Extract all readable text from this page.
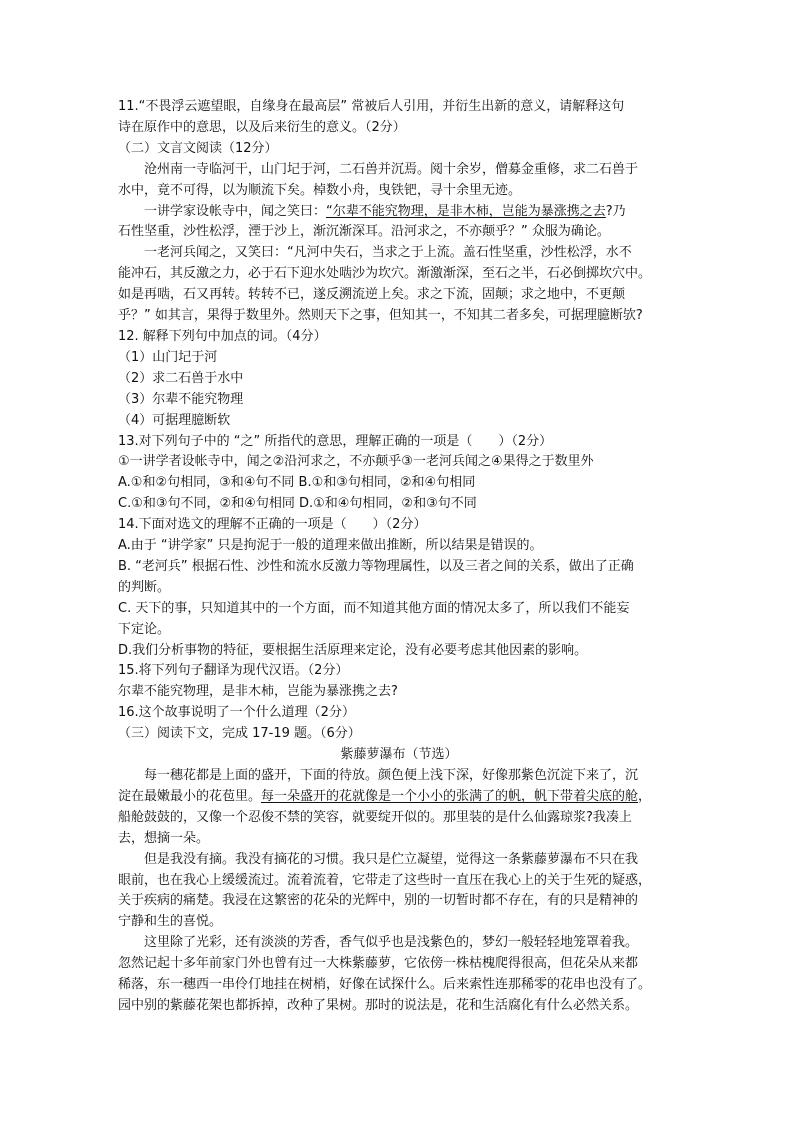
11.“不畏浮云遮望眼，自缘身在最高层” 常被后人引用，并衍生出新的意义，请解释这句
诗在原作中的意思，以及后来衍生的意义。（2分）
（二）文言文阅读（12分）
沧州南一寺临河干，山门圮于河，二石兽并沉焉。阅十余岁，僧募金重修，求二石兽于
水中，竟不可得，以为顺流下矣。棹数小舟，曳铁钯，寻十余里无迹。
一讲学家设帐寺中，闻之笑曰：“尔辈不能究物理，是非木柿，岂能为暴涨携之去?乃
石性坚重，沙性松浮，湮于沙上，渐沉渐深耳。沿河求之，不亦颠乎？” 众服为确论。
一老河兵闻之，又笑曰：“凡河中失石，当求之于上流。盖石性坚重，沙性松浮，水不
能冲石，其反激之力，必于石下迎水处啮沙为坎穴。渐激渐深，至石之半，石必倒掷坎穴中。
如是再啮，石又再转。转转不已，遂反溯流逆上矣。求之下流，固颠；求之地中，不更颠
乎？” 如其言，果得于数里外。然则天下之事，但知其一，不知其二者多矣，可据理臆断欤?
12. 解释下列句中加点的词。（4分）
（1）山门圮于河
（2）求二石兽于水中
（3）尔辈不能究物理
（4）可据理臆断软
13.对下列句子中的 “之” 所指代的意思，理解正确的一项是（　　）（2分）
①一讲学者设帐寺中，闻之②沿河求之，不亦颠乎③一老河兵闻之④果得之于数里外
A.①和②句相同，③和④句不同 B.①和③句相同，②和④句相同
C.①和③句不同，②和④句相同 D.①和④句相同，②和③句不同
14.下面对选文的理解不正确的一项是（　　）（2分）
A.由于 “讲学家” 只是拘泥于一般的道理来做出推断，所以结果是错误的。
B. “老河兵” 根据石性、沙性和流水反激力等物理属性，以及三者之间的关系，做出了正确
的判断。
C. 天下的事，只知道其中的一个方面，而不知道其他方面的情况太多了，所以我们不能妄
下定论。
D.我们分析事物的特征，要根据生活原理来定论，没有必要考虑其他因素的影响。
15.将下列句子翻译为现代汉语。（2分）
尔辈不能究物理，是非木柿，岂能为暴涨携之去?
16.这个故事说明了一个什么道理（2分）
（三）阅读下文，完成 17-19 题。（6分）
紫藤萝瀑布（节选）
每一穗花都是上面的盛开，下面的待放。颜色便上浅下深，好像那紫色沉淀下来了，沉
淀在最嫩最小的花苞里。每一朵盛开的花就像是一个小小的张满了的帆，帆下带着尖底的舱，
船舱鼓鼓的，又像一个忍俊不禁的笑容，就要绽开似的。那里装的是什么仙露琼浆?我凑上
去，想摘一朵。
但是我没有摘。我没有摘花的习惯。我只是伫立凝望，觉得这一条紫藤萝瀑布不只在我
眼前，也在我心上缓缓流过。流着流着，它带走了这些时一直压在我心上的关于生死的疑惑，
关于疾病的痛楚。我浸在这繁密的花朵的光辉中，别的一切暂时都不存在，有的只是精神的
宁静和生的喜悦。
这里除了光彩，还有淡淡的芳香，香气似乎也是浅紫色的，梦幻一般轻轻地笼罩着我。
忽然记起十多年前家门外也曾有过一大株紫藤萝，它依傍一株枯槐爬得很高，但花朵从来都
稀落，东一穗西一串伶仃地挂在树梢，好像在试探什么。后来索性连那稀零的花串也没有了。
园中别的紫藤花架也都拆掉，改种了果树。那时的说法是，花和生活腐化有什么必然关系。
